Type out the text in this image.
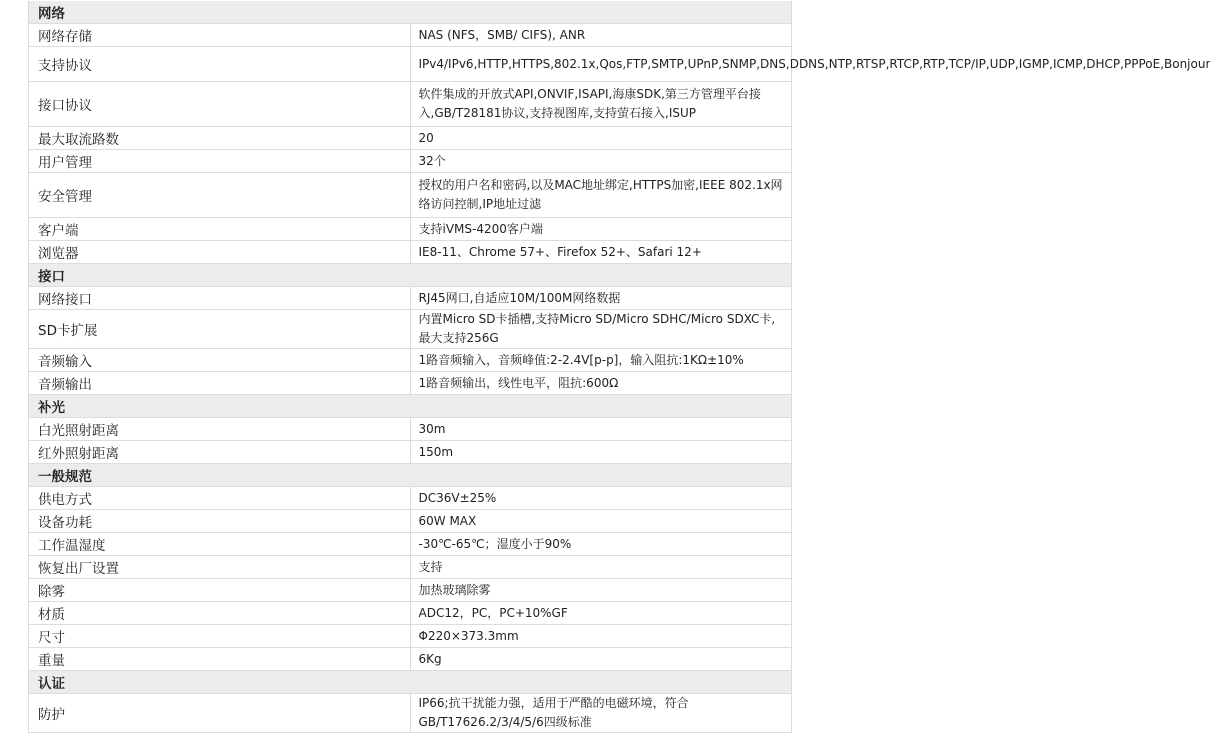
网络	
网络存储	NAS (NFS，SMB/ CIFS), ANR
支持协议	IPv4/IPv6,HTTP,HTTPS,802.1x,Qos,FTP,SMTP,UPnP,SNMP,DNS,DDNS,NTP,RTSP,RTCP,RTP,TCP/IP,UDP,IGMP,ICMP,DHCP,PPPoE,Bonjour
接口协议	软件集成的开放式API,ONVIF,ISAPI,海康SDK,第三方管理平台接入,GB/T28181协议,支持视图库,支持萤石接入,ISUP
最大取流路数	20
用户管理	32个
安全管理	授权的用户名和密码,以及MAC地址绑定,HTTPS加密,IEEE 802.1x网络访问控制,IP地址过滤
客户端	支持iVMS-4200客户端
浏览器	IE8-11、Chrome 57+、Firefox 52+、Safari 12+
接口	
网络接口	RJ45网口,自适应10M/100M网络数据
SD卡扩展	内置Micro SD卡插槽,支持Micro SD/Micro SDHC/Micro SDXC卡,最大支持256G
音频输入	1路音频输入，音频峰值:2-2.4V[p-p]，输入阻抗:1KΩ±10%
音频输出	1路音频输出，线性电平，阻抗:600Ω
补光	
白光照射距离	30m
红外照射距离	150m
一般规范	
供电方式	DC36V±25%
设备功耗	60W MAX
工作温湿度	-30℃-65℃；湿度小于90%
恢复出厂设置	支持
除雾	加热玻璃除雾
材质	ADC12，PC，PC+10%GF
尺寸	Φ220×373.3mm
重量	6Kg
认证	
防护	IP66;抗干扰能力强，适用于严酷的电磁环境，符合GB/T17626.2/3/4/5/6四级标准
